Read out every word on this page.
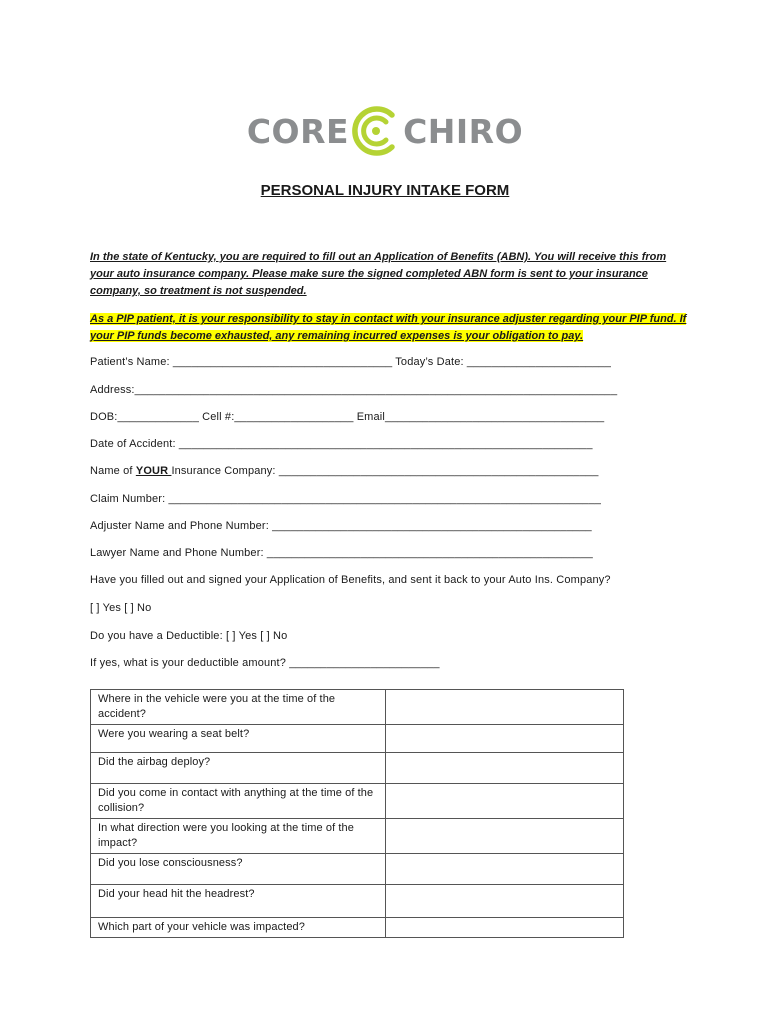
CORE CHIRO
PERSONAL INJURY INTAKE FORM
In the state of Kentucky, you are required to fill out an Application of Benefits (ABN). You will receive this from your auto insurance company. Please make sure the signed completed ABN form is sent to your insurance company, so treatment is not suspended.
As a PIP patient, it is your responsibility to stay in contact with your insurance adjuster regarding your PIP fund. If your PIP funds become exhausted, any remaining incurred expenses is your obligation to pay.
Patient’s Name: ___________________________________ Today’s Date: _______________________
Address:_____________________________________________________________________________
DOB:_____________ Cell #:___________________ Email___________________________________
Date of Accident: __________________________________________________________________
Name of YOUR Insurance Company: ___________________________________________________
Claim Number: _____________________________________________________________________
Adjuster Name and Phone Number: ___________________________________________________
Lawyer Name and Phone Number: ____________________________________________________
Have you filled out and signed your Application of Benefits, and sent it back to your Auto Ins. Company?
[ ] Yes [ ] No
Do you have a Deductible: [ ] Yes [ ] No
If yes, what is your deductible amount? ________________________
Where in the vehicle were you at the time of the accident?	
Were you wearing a seat belt?	
Did the airbag deploy?	
Did you come in contact with anything at the time of the collision?	
In what direction were you looking at the time of the impact?	
Did you lose consciousness?	
Did your head hit the headrest?	
Which part of your vehicle was impacted?	
